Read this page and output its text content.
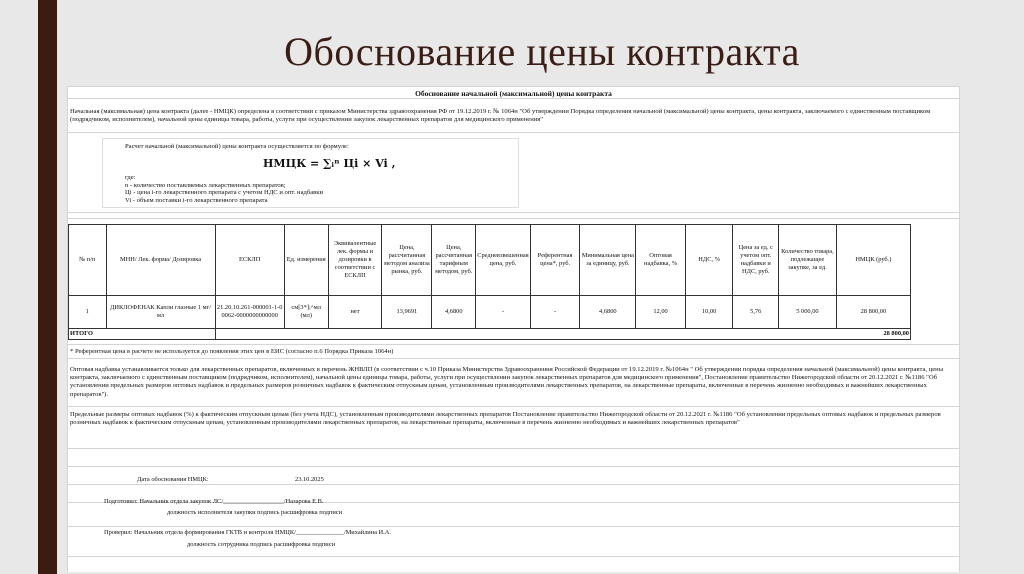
Обоснование цены контракта
Обоснование начальной (максимальной) цены контракта
Начальная (максимальная) цена контракта (далее - НМЦК) определена в соответствии с приказом Министерства здравоохранения РФ от 19.12.2019 г. № 1064н "Об утверждении Порядка определения начальной (максимальной) цены контракта, цены контракта, заключаемого с единственным поставщиком (подрядчиком, исполнителем), начальной цены единицы товара, работы, услуги при осуществлении закупок лекарственных препаратов для медицинского применения"
Расчет начальной (максимальной) цены контракта осуществляется по формуле:
НМЦК = ∑ᵢⁿ Цi × Vi ,
где:
n - количество поставляемых лекарственных препаратов;
Цi - цена i-го лекарственного препарата с учетом НДС и опт. надбавки
Vi - объем поставки i-го лекарственного препарата
№ п/п	МНН/ Лек. форма/ Дозировка	ЕСКЛП	Ед. измерения	Эквивалентные лек. формы и дозировки в соответствии с ЕСКЛП	Цена, рассчитанная методом анализа рынка, руб.	Цена, рассчитанная тарифным методом, руб.	Средневзвешенная цена, руб.	Референтная цена*, руб.	Минимальная цена за единицу, руб.	Оптовая надбавка, %	НДС, %	Цена за ед. с учетом опт. надбавки и НДС, руб.	Количество товара, подлежащее закупке, за ед.	НМЦК (руб.)
1	ДИКЛОФЕНАК Капли глазные 1 мг/мл	21.20.10.261-000001-1-00062-0000000000000	см[3*];^мл (мл)	нет	13,9691	4,6800	-	-	4,6800	12,00	10,00	5,76	5 000,00	28 800,00
ИТОГО		28 800,00												
* Референтная цена в расчете не используется до появления этих цен в ЕИС (согласно п.6 Порядка Приказа 1064н)
Оптовая надбавка устанавливается только для лекарственных препаратов, включенных в перечень ЖНВЛП (в соответствии с ч.10 Приказа Министерства Здравоохранения Российской Федерации от 19.12.2019 г. №1064н " Об утверждении порядка определения начальной (максимальной) цены контракта, цены контракта, заключаемого с единственным поставщиком (подрядчиком, исполнителем), начальной цены единицы товара, работы, услуги при осуществлении закупок лекарственных препаратов для медицинского применения", Постановление правительство Нижегородской области от 20.12.2021 г. №1186 "Об установлении предельных размеров оптовых надбавок и предельных размеров розничных надбавок к фактическим отпускным ценам, установленным производителями лекарственных препаратов, на лекарственные препараты, включенные в перечень жизненно необходимых и важнейших лекарственных препаратов").
Предельные размеры оптовых надбавок (%) к фактическим отпускным ценам (без учета НДС), установленным производителями лекарственных препаратов Постановление правительство Нижегородской области от 20.12.2021 г. №1186 "Об установлении предельных оптовых надбавок и предельных размеров розничных надбавок к фактическим отпускным ценам, установленным производителями лекарственных препаратов, на лекарственные препараты, включенные в перечень жизненно необходимых и важнейших лекарственных препаратов"
Дата обоснования НМЦК:	23.10.2025
Подготовил: Начальник отдела закупок ЛС/___________________/Назарова Е.В.
должность исполнителя закупки подпись расшифровка подписи
Проверил: Начальник отдела формирования ГКТВ и контроля НМЦК/_______________/Михайлина И.А.
должность сотрудника подпись расшифровка подписи
